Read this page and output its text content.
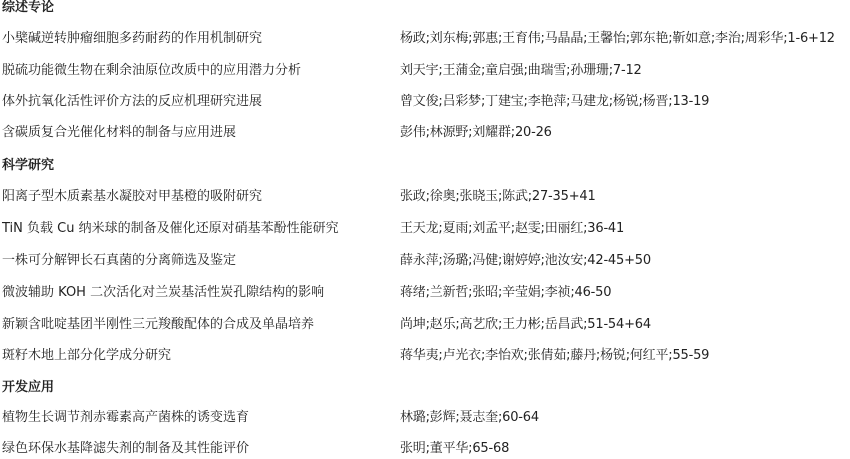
综述专论
小檗碱逆转肿瘤细胞多药耐药的作用机制研究	杨政;刘东梅;郭惠;王育伟;马晶晶;王馨怡;郭东艳;靳如意;李治;周彩华;1-6+12
脱硫功能微生物在剩余油原位改质中的应用潜力分析	刘天宇;王蒲金;童启强;曲瑞雪;孙珊珊;7-12
体外抗氧化活性评价方法的反应机理研究进展	曾文俊;吕彩梦;丁建宝;李艳萍;马建龙;杨锐;杨晋;13-19
含碳质复合光催化材料的制备与应用进展	彭伟;林源野;刘耀群;20-26
科学研究
阳离子型木质素基水凝胶对甲基橙的吸附研究	张政;徐奥;张晓玉;陈武;27-35+41
TiN 负载 Cu 纳米球的制备及催化还原对硝基苯酚性能研究	王天龙;夏雨;刘孟平;赵雯;田丽红;36-41
一株可分解钾长石真菌的分离筛选及鉴定	薛永萍;汤璐;冯健;谢婷婷;池汝安;42-45+50
微波辅助 KOH 二次活化对兰炭基活性炭孔隙结构的影响	蒋绪;兰新哲;张昭;辛莹娟;李祯;46-50
新颖含吡啶基团半刚性三元羧酸配体的合成及单晶培养	尚坤;赵乐;高艺欣;王力彬;岳昌武;51-54+64
斑籽木地上部分化学成分研究	蒋华夷;卢光衣;李怡欢;张倩茹;藤丹;杨锐;何红平;55-59
开发应用
植物生长调节剂赤霉素高产菌株的诱变选育	林璐;彭辉;聂志奎;60-64
绿色环保水基降滤失剂的制备及其性能评价	张明;董平华;65-68
